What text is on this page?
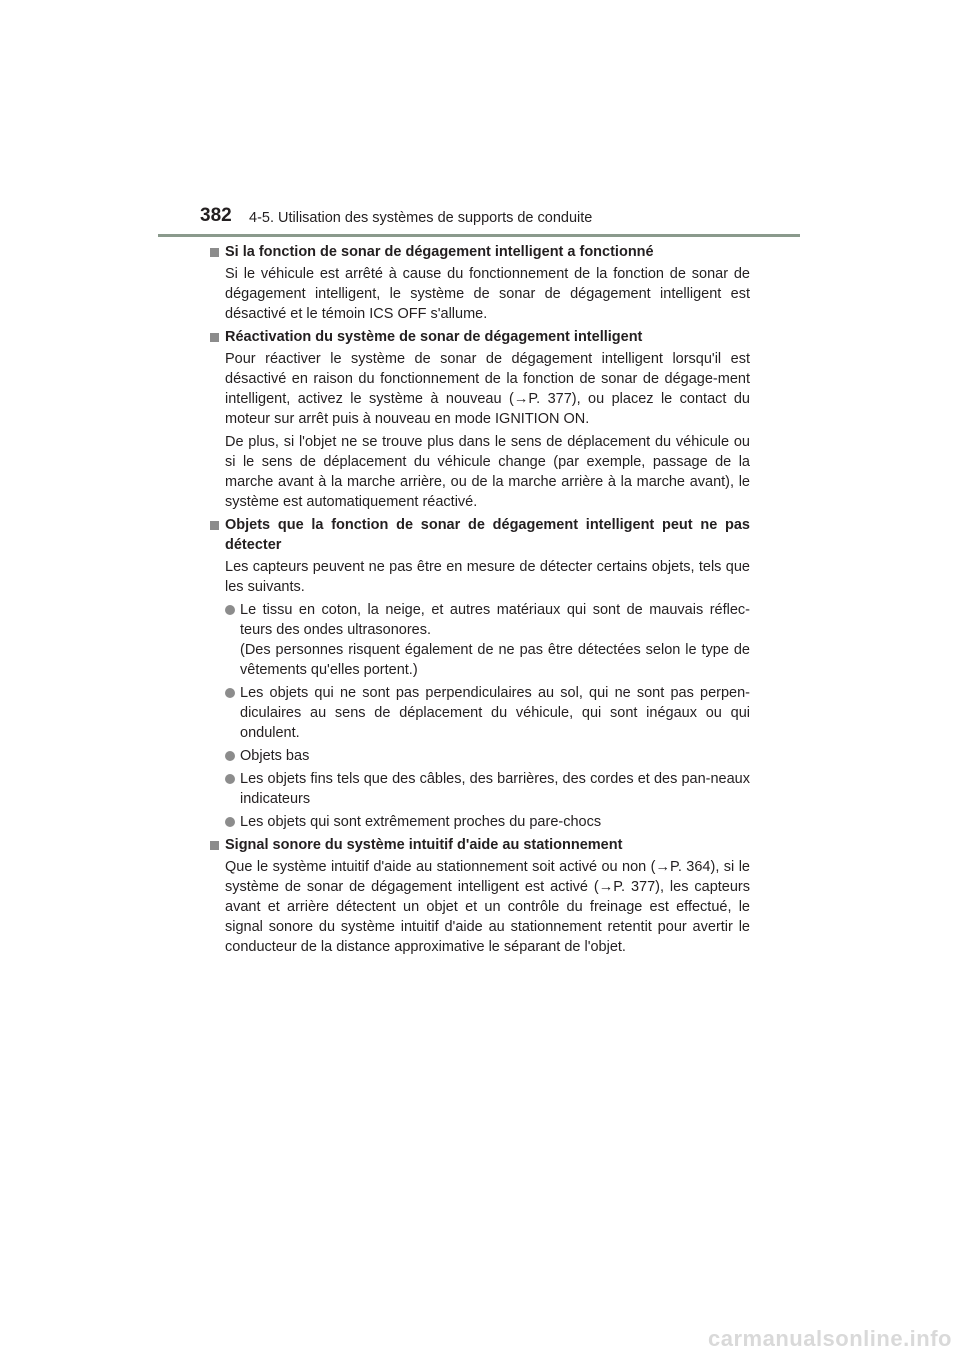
382 4-5. Utilisation des systèmes de supports de conduite
Si la fonction de sonar de dégagement intelligent a fonctionné

Si le véhicule est arrêté à cause du fonctionnement de la fonction de sonar de dégagement intelligent, le système de sonar de dégagement intelligent est désactivé et le témoin ICS OFF s'allume.

Réactivation du système de sonar de dégagement intelligent

Pour réactiver le système de sonar de dégagement intelligent lorsqu'il est désactivé en raison du fonctionnement de la fonction de sonar de dégage-ment intelligent, activez le système à nouveau (→P. 377), ou placez le contact du moteur sur arrêt puis à nouveau en mode IGNITION ON.

De plus, si l'objet ne se trouve plus dans le sens de déplacement du véhicule ou si le sens de déplacement du véhicule change (par exemple, passage de la marche avant à la marche arrière, ou de la marche arrière à la marche avant), le système est automatiquement réactivé.

Objets que la fonction de sonar de dégagement intelligent peut ne pas détecter

Les capteurs peuvent ne pas être en mesure de détecter certains objets, tels que les suivants.

Le tissu en coton, la neige, et autres matériaux qui sont de mauvais réflec-teurs des ondes ultrasonores.
(Des personnes risquent également de ne pas être détectées selon le type de vêtements qu'elles portent.)
Les objets qui ne sont pas perpendiculaires au sol, qui ne sont pas perpen-diculaires au sens de déplacement du véhicule, qui sont inégaux ou qui ondulent.
Objets bas
Les objets fins tels que des câbles, des barrières, des cordes et des pan-neaux indicateurs
Les objets qui sont extrêmement proches du pare-chocs
Signal sonore du système intuitif d'aide au stationnement

Que le système intuitif d'aide au stationnement soit activé ou non (→P. 364), si le système de sonar de dégagement intelligent est activé (→P. 377), les capteurs avant et arrière détectent un objet et un contrôle du freinage est effectué, le signal sonore du système intuitif d'aide au stationnement retentit pour avertir le conducteur de la distance approximative le séparant de l'objet.

carmanualsonline.info
